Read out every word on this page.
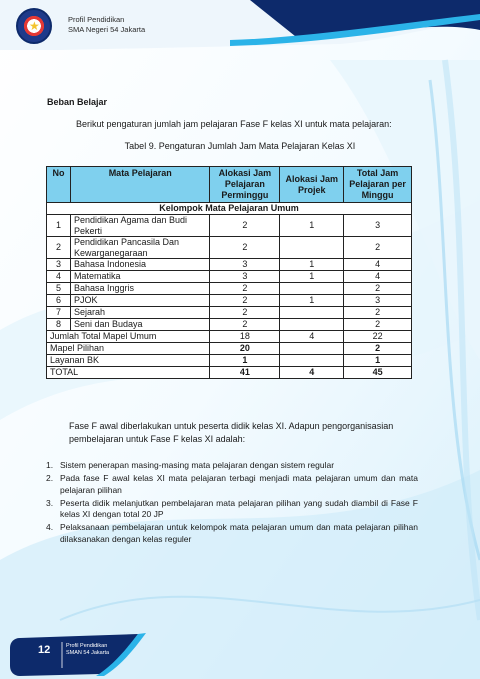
★	Profil Pendidikan
SMA Negeri 54 Jakarta
Beban Belajar
Berikut pengaturan jumlah jam pelajaran Fase F kelas XI untuk mata pelajaran:
Tabel 9. Pengaturan Jumlah Jam Mata Pelajaran Kelas XI
No	Mata Pelajaran	Alokasi Jam Pelajaran Perminggu	Alokasi Jam Projek	Total Jam Pelajaran per Minggu
Kelompok Mata Pelajaran Umum				
1	Pendidikan Agama dan Budi Pekerti	2	1	3
2	Pendidikan Pancasila Dan Kewarganegaraan	2		2
3	Bahasa Indonesia	3	1	4
4	Matematika	3	1	4
5	Bahasa Inggris	2		2
6	PJOK	2	1	3
7	Sejarah	2		2
8	Seni dan Budaya	2		2
Jumlah Total Mapel Umum		18	4	22
Mapel Pilihan		20		2
Layanan BK		1		1
TOTAL		41	4	45
Fase F awal diberlakukan untuk peserta didik kelas XI. Adapun pengorganisasian pembelajaran untuk Fase F kelas XI adalah:
1. Sistem penerapan masing-masing mata pelajaran dengan sistem regular
2. Pada fase F awal kelas XI mata pelajaran terbagi menjadi mata pelajaran umum dan mata pelajaran pilihan
3. Peserta didik melanjutkan pembelajaran mata pelajaran pilihan yang sudah diambil di Fase F kelas XI dengan total 20 JP
4. Pelaksanaan pembelajaran untuk kelompok mata pelajaran umum dan mata pelajaran pilihan dilaksanakan dengan kelas reguler
12	Profil Pendidikan
SMAN 54 Jakarta
